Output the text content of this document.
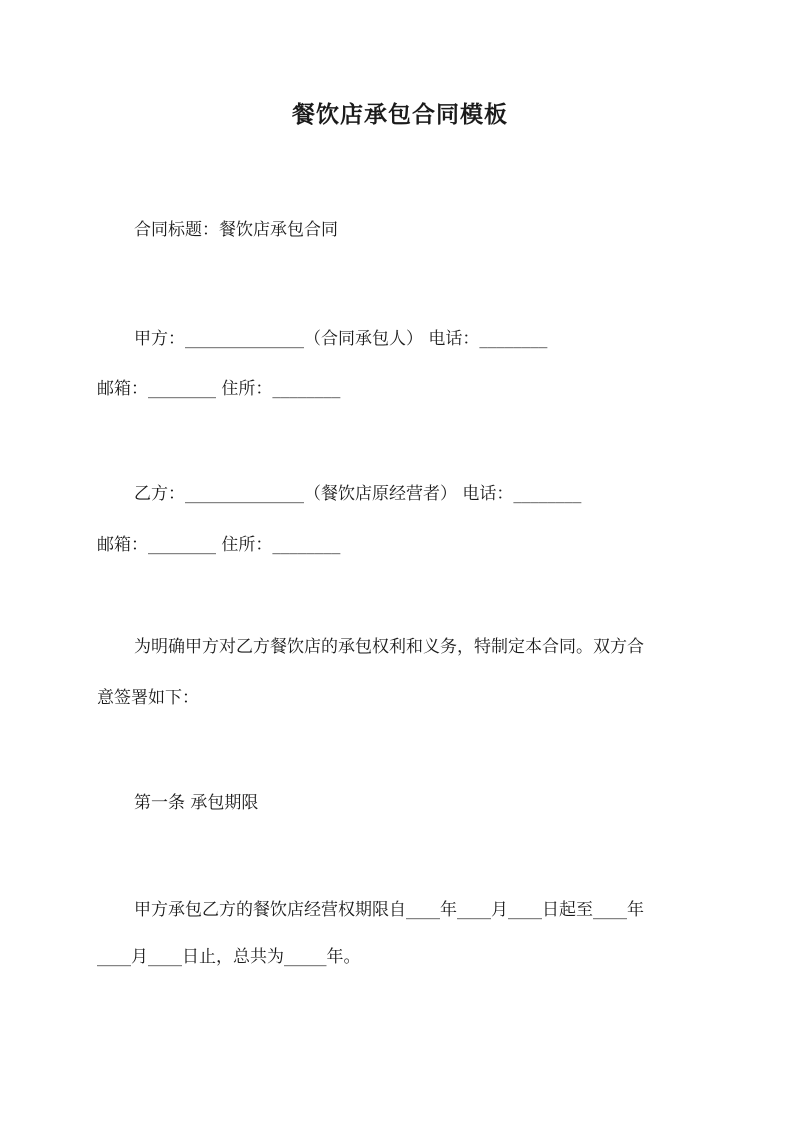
餐饮店承包合同模板
合同标题：餐饮店承包合同
甲方：______________（合同承包人） 电话：________
邮箱：________ 住所：________
乙方：______________（餐饮店原经营者） 电话：________
邮箱：________ 住所：________
为明确甲方对乙方餐饮店的承包权利和义务，特制定本合同。双方合
意签署如下：
第一条 承包期限
甲方承包乙方的餐饮店经营权期限自____年____月____日起至____年
____月____日止，总共为_____年。
